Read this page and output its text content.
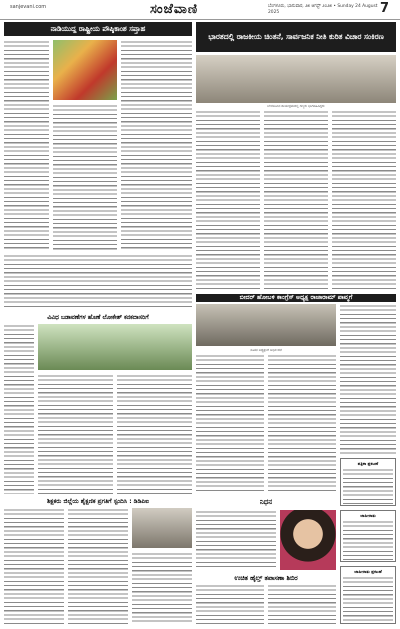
sanjevani.com	ಸಂಜೆವಾಣಿ	ಬೆಂಗಳೂರು, ಭಾನುವಾರ, ೨೫ ಆಗಸ್ಟ್ ೨೦೨೫ • Sunday 24 August 2025	7
ನಾಡಿಯುದ್ದ ರಾಷ್ಟ್ರೀಯ ಪೌಷ್ಠಿಕಾಂಶ ಸಪ್ತಾಹ
ಭಾರತದಲ್ಲಿ ರಾಜಕೀಯ ಚಿಂತನೆ, ಸಾರ್ವಜನಿಕ ನೀತಿ ಕುರಿತ ವಿಚಾರ ಸಂಕಿರಣ
ಬೆಂಗಳೂರಿನ ಕಾರ್ಯಕ್ರಮದಲ್ಲಿ ಗಣ್ಯರು ಭಾಗವಹಿಸಿದ್ದರು
ಬೀದರ್‌ ಹೋಬಳಿ ಕಾಂಗ್ರೆಸ್ ಅಧ್ಯಕ್ಷ ರಾಜಾರಾಮ್ ಪಾವ್ಮಗೆ
ನೂತನ ಅಧ್ಯಕ್ಷರಿಗೆ ಅಭಿನಂದನೆ
ವಿವಿಧ ಬಡಾವಣೆಗಳ ಹೊಣೆ ಲೋಕೇಶ್ ಕನಕದಾಸರಿಗೆ
ಶಿಕ್ಷಕರು ಜಿಲ್ಲೆಯ ಶೈಕ್ಷಣಿಕ ಪ್ರಗತಿಗೆ ಸ್ಪಂದಿಸಿ : ಡಿಡಿಪಿಐ	ನಿಧನ
ಉಚಿತ ಹೈಲ್ತ್ ತಪಾಸಣಾ ಶಿಬಿರ
ಪತ್ರಿಕಾ ಪ್ರಕಟಣೆ
ಜಾಹೀರಾತು
ಜಾಹೀರಾತು ಪ್ರಕಟಣೆ
